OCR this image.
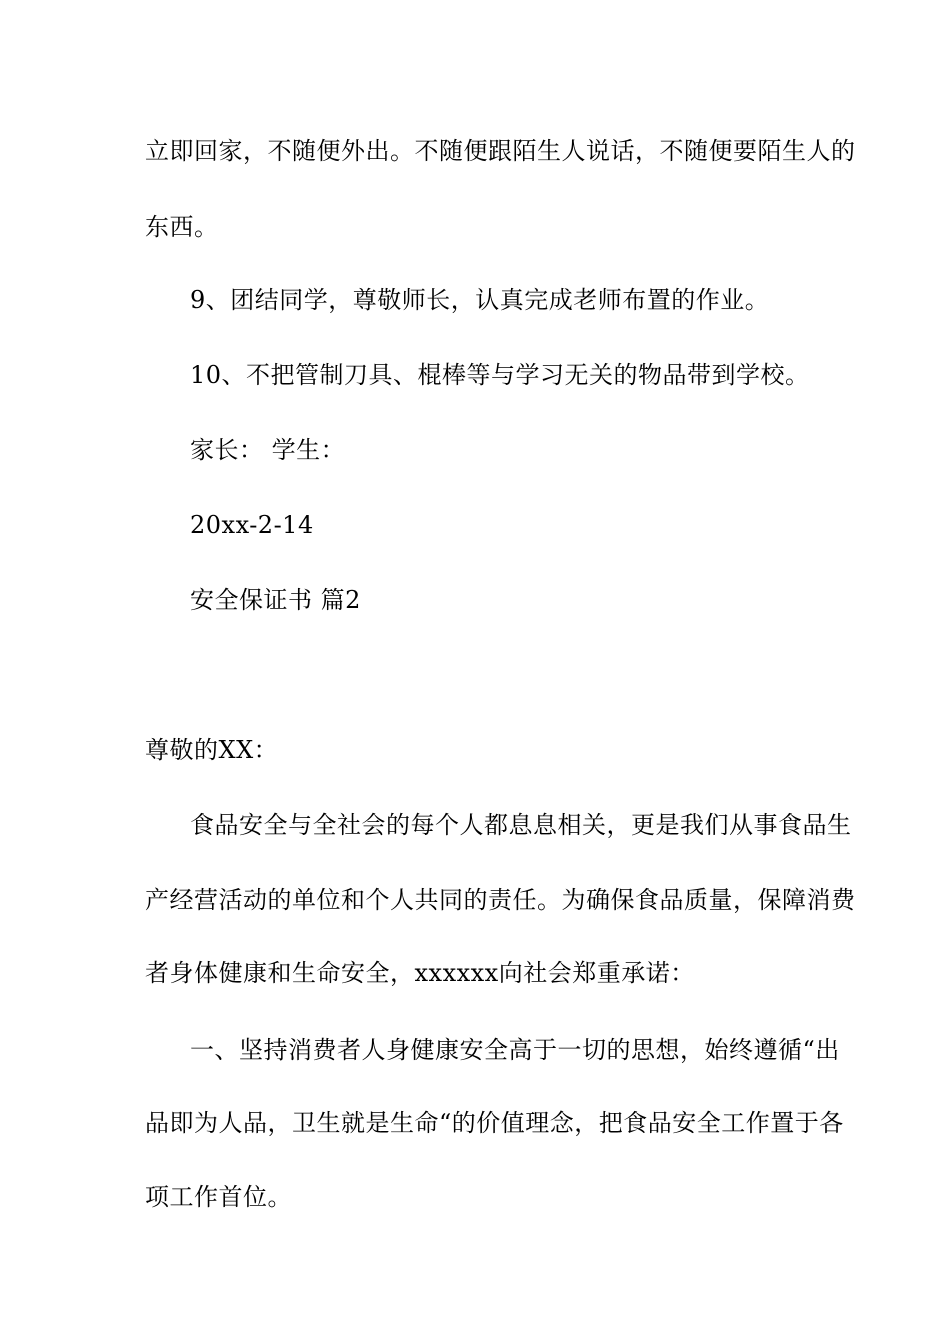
立即回家，不随便外出。不随便跟陌生人说话，不随便要陌生人的
东西。
9、团结同学，尊敬师长，认真完成老师布置的作业。
10、不把管制刀具、棍棒等与学习无关的物品带到学校。
家长： 学生：
20xx-2-14
安全保证书 篇2
尊敬的XX：
食品安全与全社会的每个人都息息相关，更是我们从事食品生
产经营活动的单位和个人共同的责任。为确保食品质量，保障消费
者身体健康和生命安全，xxxxxx向社会郑重承诺：
一、坚持消费者人身健康安全高于一切的思想，始终遵循“出
品即为人品，卫生就是生命“的价值理念，把食品安全工作置于各
项工作首位。
